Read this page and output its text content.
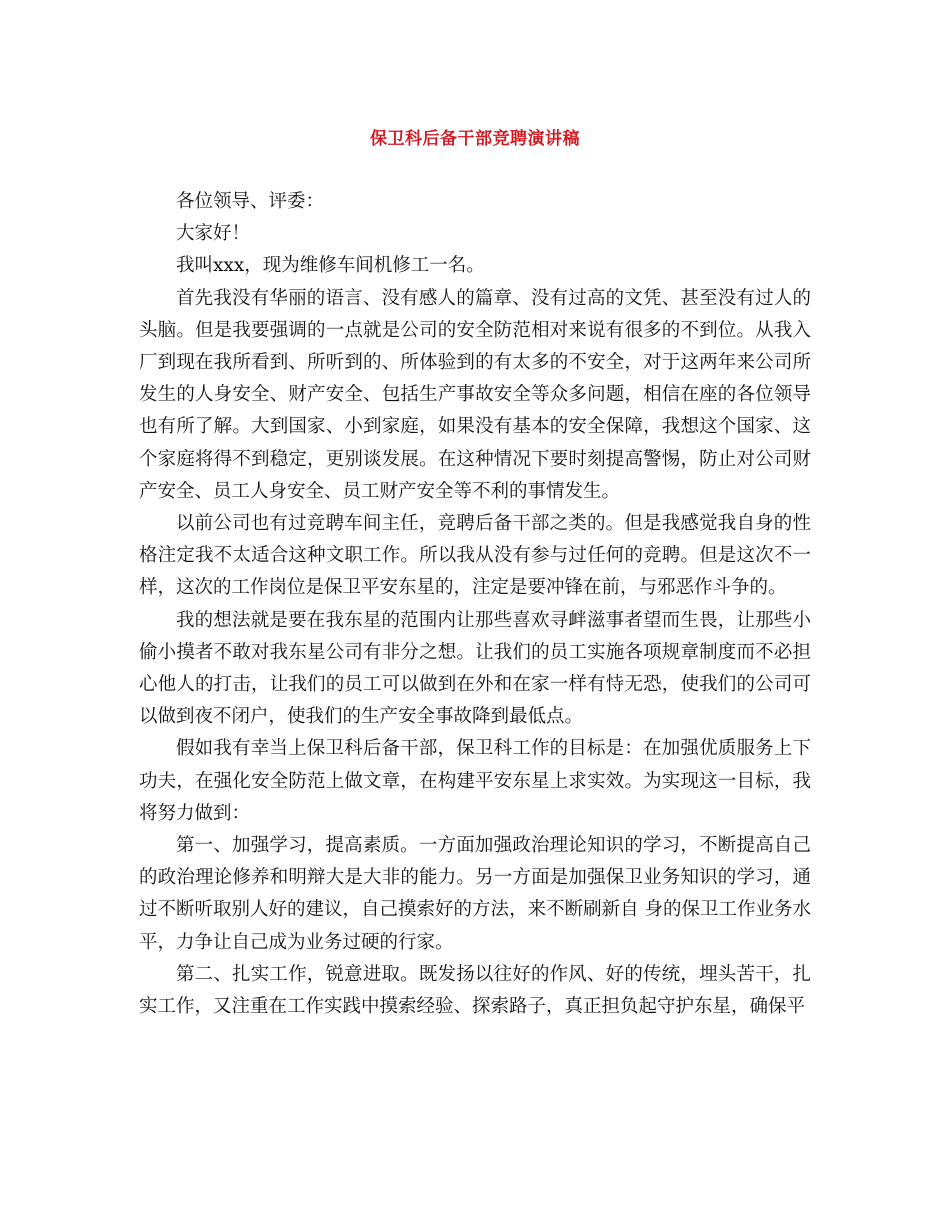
保卫科后备干部竞聘演讲稿

各位领导、评委：

大家好！

我叫xxx，现为维修车间机修工一名。

首先我没有华丽的语言、没有感人的篇章、没有过高的文凭、甚至没有过人的头脑。但是我要强调的一点就是公司的安全防范相对来说有很多的不到位。从我入厂到现在我所看到、所听到的、所体验到的有太多的不安全，对于这两年来公司所发生的人身安全、财产安全、包括生产事故安全等众多问题，相信在座的各位领导也有所了解。大到国家、小到家庭，如果没有基本的安全保障，我想这个国家、这个家庭将得不到稳定，更别谈发展。在这种情况下要时刻提高警惕，防止对公司财产安全、员工人身安全、员工财产安全等不利的事情发生。

以前公司也有过竞聘车间主任，竞聘后备干部之类的。但是我感觉我自身的性格注定我不太适合这种文职工作。所以我从没有参与过任何的竞聘。但是这次不一样，这次的工作岗位是保卫平安东星的，注定是要冲锋在前，与邪恶作斗争的。

我的想法就是要在我东星的范围内让那些喜欢寻衅滋事者望而生畏，让那些小偷小摸者不敢对我东星公司有非分之想。让我们的员工实施各项规章制度而不必担心他人的打击，让我们的员工可以做到在外和在家一样有恃无恐，使我们的公司可以做到夜不闭户，使我们的生产安全事故降到最低点。

假如我有幸当上保卫科后备干部，保卫科工作的目标是：在加强优质服务上下功夫，在强化安全防范上做文章，在构建平安东星上求实效。为实现这一目标，我将努力做到：

第一、加强学习，提高素质。一方面加强政治理论知识的学习，不断提高自己的政治理论修养和明辩大是大非的能力。另一方面是加强保卫业务知识的学习，通过不断听取别人好的建议，自己摸索好的方法，来不断刷新自 身的保卫工作业务水平，力争让自己成为业务过硬的行家。

第二、扎实工作，锐意进取。既发扬以往好的作风、好的传统，埋头苦干，扎实工作，又注重在工作实践中摸索经验、探索路子，真正担负起守护东星，确保平
